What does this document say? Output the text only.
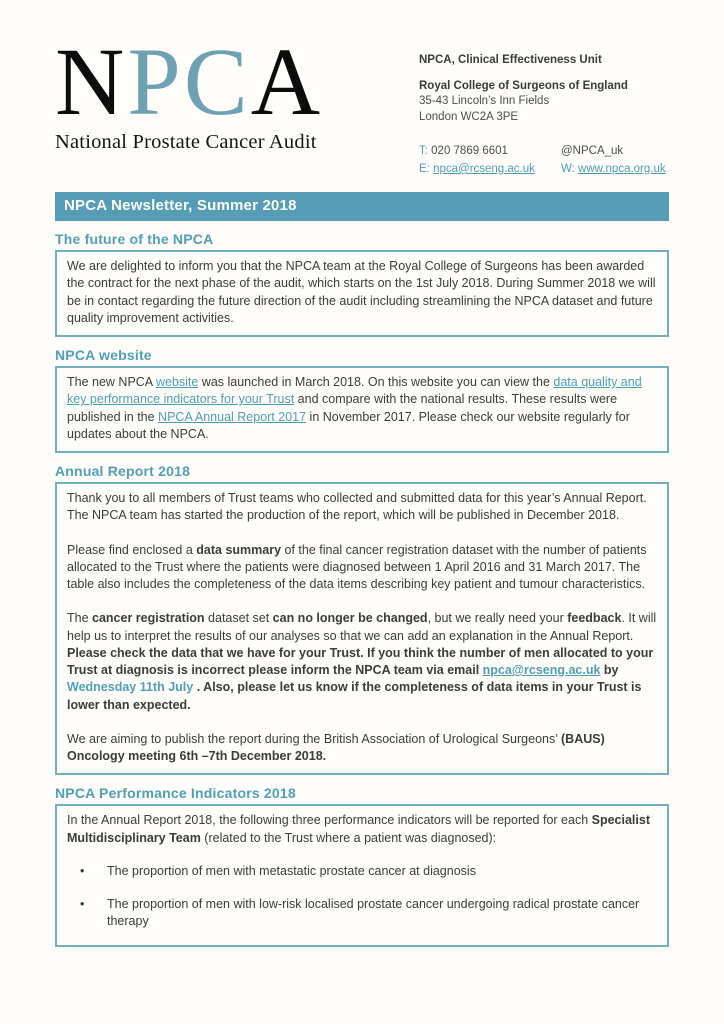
NPCA
National Prostate Cancer Audit
NPCA, Clinical Effectiveness Unit
Royal College of Surgeons of England
35-43 Lincoln’s Inn Fields
London WC2A 3PE
T: 020 7869 6601	@NPCA_uk
E: npca@rcseng.ac.uk	W: www.npca.org.uk
NPCA Newsletter, Summer 2018
The future of the NPCA

We are delighted to inform you that the NPCA team at the Royal College of Surgeons has been awarded the contract for the next phase of the audit, which starts on the 1st July 2018. During Summer 2018 we will be in contact regarding the future direction of the audit including streamlining the NPCA dataset and future quality improvement activities.

NPCA website

The new NPCA website was launched in March 2018. On this website you can view the data quality and key performance indicators for your Trust and compare with the national results. These results were published in the NPCA Annual Report 2017 in November 2017. Please check our website regularly for updates about the NPCA.

Annual Report 2018

Thank you to all members of Trust teams who collected and submitted data for this year’s Annual Report. The NPCA team has started the production of the report, which will be published in December 2018.

Please find enclosed a data summary of the final cancer registration dataset with the number of patients allocated to the Trust where the patients were diagnosed between 1 April 2016 and 31 March 2017. The table also includes the completeness of the data items describing key patient and tumour characteristics.

The cancer registration dataset set can no longer be changed, but we really need your feedback. It will help us to interpret the results of our analyses so that we can add an explanation in the Annual Report.  Please check the data that we have for your Trust. If you think the number of men allocated to your Trust at diagnosis is incorrect please inform the NPCA team via email npca@rcseng.ac.uk by Wednesday 11th July . Also, please let us know if the completeness of data items in your Trust is lower than expected.

We are aiming to publish the report during the British Association of Urological Surgeons’ (BAUS) Oncology meeting 6th –7th December 2018.

NPCA Performance Indicators 2018

In the Annual Report 2018, the following three performance indicators will be reported for each Specialist Multidisciplinary Team (related to the Trust where a patient was diagnosed):

•	The proportion of men with metastatic prostate cancer at diagnosis
•	The proportion of men with low-risk localised prostate cancer undergoing radical prostate cancer therapy
